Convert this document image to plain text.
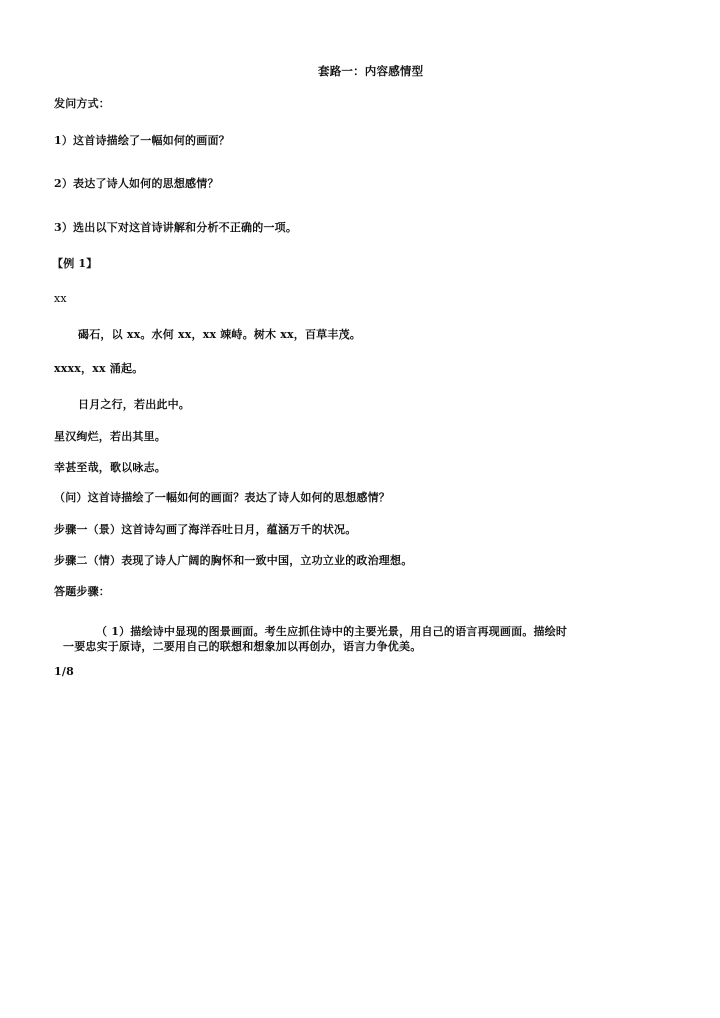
套路一：内容感情型
发问方式：
1）这首诗描绘了一幅如何的画面？
2）表达了诗人如何的思想感情？
3）选出以下对这首诗讲解和分析不正确的一项。
【例 1】
xx
碣石，以 xx。水何 xx，xx 竦峙。树木 xx，百草丰茂。
xxxx，xx 涌起。
日月之行，若出此中。
星汉绚烂，若出其里。
幸甚至哉，歌以咏志。
（问）这首诗描绘了一幅如何的画面？表达了诗人如何的思想感情？
步骤一（景）这首诗勾画了海洋吞吐日月，蕴涵万千的状况。
步骤二（情）表现了诗人广阔的胸怀和一致中国，立功立业的政治理想。
答题步骤：
（ 1）描绘诗中显现的图景画面。考生应抓住诗中的主要光景，用自己的语言再现画面。描绘时
一要忠实于原诗，二要用自己的联想和想象加以再创办，语言力争优美。
1/8
